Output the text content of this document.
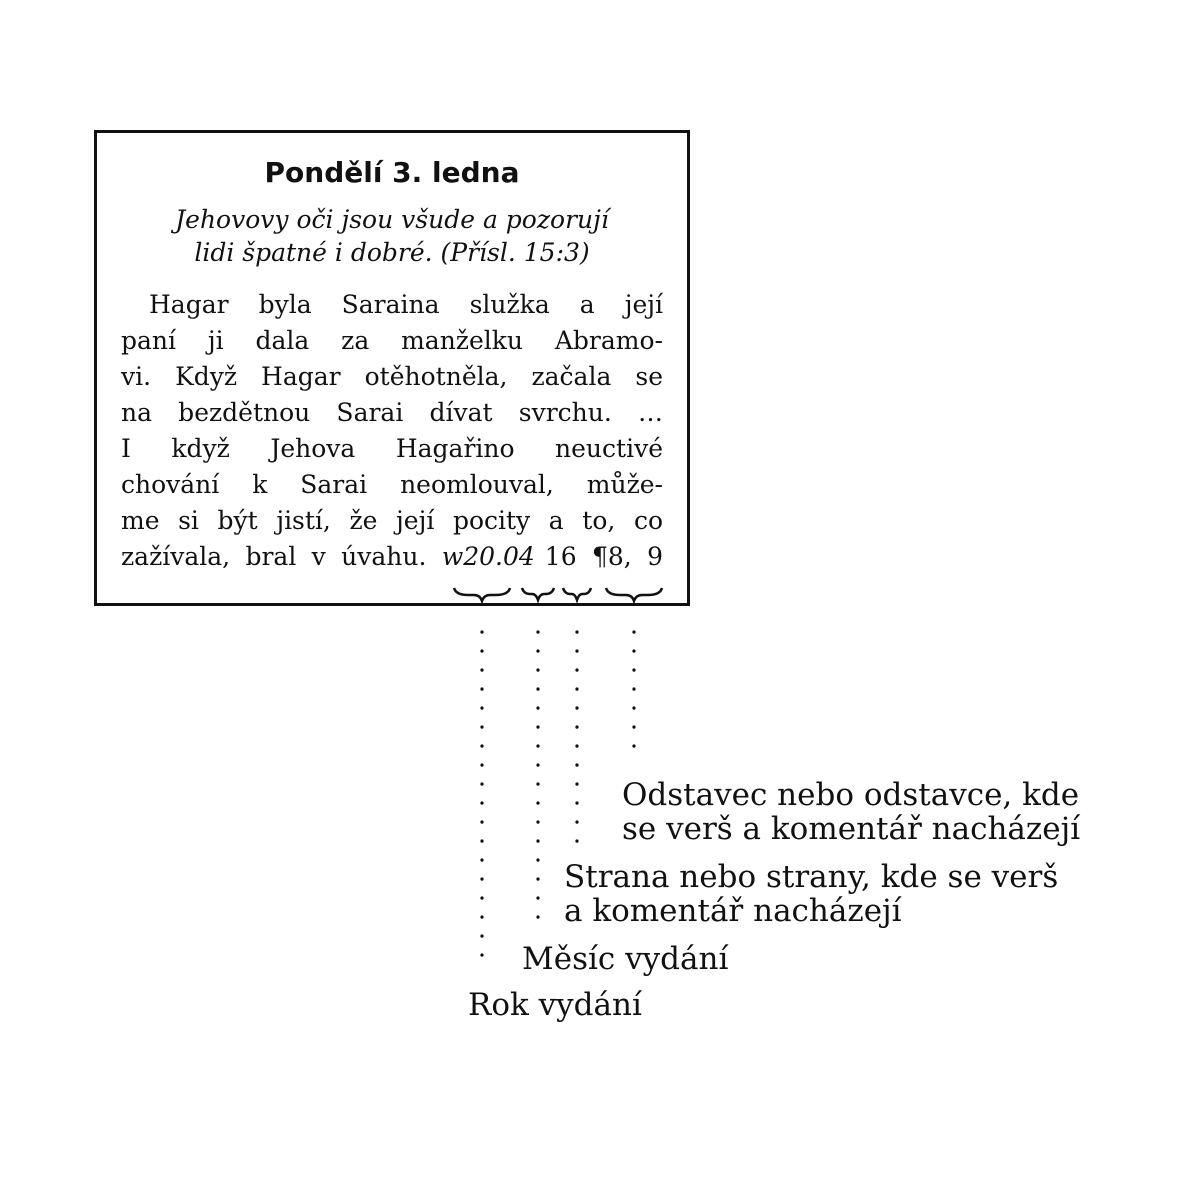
Pondělí 3. ledna

Jehovovy oči jsou všude a pozorují
lidi špatné i dobré. (Přísl. 15:3)

Hagar byla Saraina služka a její
paní ji dala za manželku Abramo-
vi. Když Hagar otěhotněla, začala se
na bezdětnou Sarai dívat svrchu. …
I když Jehova Hagařino neuctivé
chování k Sarai neomlouval, může-
me si být jistí, že její pocity a to, co
zažívala, bral v úvahu. w20.04 16 ¶8, 9
Odstavec nebo odstavce, kde
se verš a komentář nacházejí
Strana nebo strany, kde se verš
a komentář nacházejí
Měsíc vydání
Rok vydání
